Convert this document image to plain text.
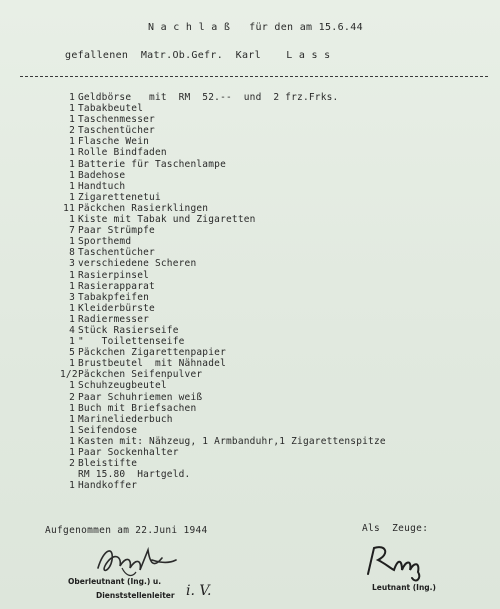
N a c h l a ß   für den am 15.6.44
gefallenen  Matr.Ob.Gefr.  Karl    L a s s
1 Geldbörse   mit  RM  52.--  und  2 frz.Frks.
1 Tabakbeutel
1 Taschenmesser
2 Taschentücher
1 Flasche Wein
1 Rolle Bindfaden
1 Batterie für Taschenlampe
1 Badehose
1 Handtuch
1 Zigarettenetui
11 Päckchen Rasierklingen
1 Kiste mit Tabak und Zigaretten
7 Paar Strümpfe
1 Sporthemd
8 Taschentücher
3 verschiedene Scheren
1 Rasierpinsel
1 Rasierapparat
3 Tabakpfeifen
1 Kleiderbürste
1 Radiermesser
4 Stück Rasierseife
1 "   Toilettenseife
5 Päckchen Zigarettenpapier
1 Brustbeutel  mit Nähnadel
1/2 Päckchen Seifenpulver
1 Schuhzeugbeutel
2 Paar Schuhriemen weiß
1 Buch mit Briefsachen
1 Marineliederbuch
1 Seifendose
1 Kasten mit: Nähzeug, 1 Armbanduhr,1 Zigarettenspitze
1 Paar Sockenhalter
2 Bleistifte
RM 15.80  Hartgeld.
1 Handkoffer
Aufgenommen am 22.Juni 1944	Als  Zeuge:
Oberleutnant (Ing.) u.
Dienststellenleiter i. V.	Leutnant (Ing.)
